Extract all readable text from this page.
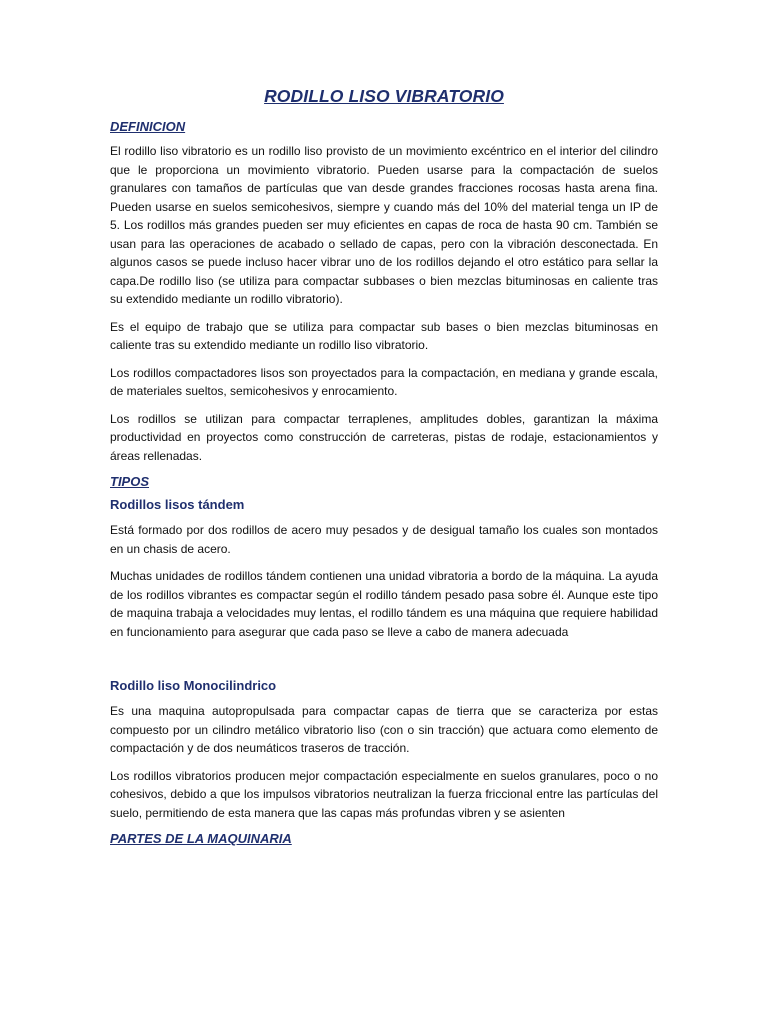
RODILLO LISO VIBRATORIO
DEFINICION

El rodillo liso vibratorio es un rodillo liso provisto de un movimiento excéntrico en el interior del cilindro que le proporciona un movimiento vibratorio. Pueden usarse para la compactación de suelos granulares con tamaños de partículas que van desde grandes fracciones rocosas hasta arena fina. Pueden usarse en suelos semicohesivos, siempre y cuando más del 10% del material tenga un IP de 5. Los rodillos más grandes pueden ser muy eficientes en capas de roca de hasta 90 cm. También se usan para las operaciones de acabado o sellado de capas, pero con la vibración desconectada. En algunos casos se puede incluso hacer vibrar uno de los rodillos dejando el otro estático para sellar la capa.De rodillo liso (se utiliza para compactar subbases o bien mezclas bituminosas en caliente tras su extendido mediante un rodillo vibratorio).

Es el equipo de trabajo que se utiliza para compactar sub bases o bien mezclas bituminosas en caliente tras su extendido mediante un rodillo liso vibratorio.

Los rodillos compactadores lisos son proyectados para la compactación, en mediana y grande escala, de materiales sueltos, semicohesivos y enrocamiento.

Los rodillos se utilizan para compactar terraplenes, amplitudes dobles, garantizan la máxima productividad en proyectos como construcción de carreteras, pistas de rodaje, estacionamientos y áreas rellenadas.

TIPOS
Rodillos lisos tándem

Está formado por dos rodillos de acero muy pesados y de desigual tamaño los cuales son montados en un chasis de acero.

Muchas unidades de rodillos tándem contienen una unidad vibratoria a bordo de la máquina. La ayuda de los rodillos vibrantes es compactar según el rodillo tándem pesado pasa sobre él. Aunque este tipo de maquina trabaja a velocidades muy lentas, el rodillo tándem es una máquina que requiere habilidad en funcionamiento para asegurar que cada paso se lleve a cabo de manera adecuada

Rodillo liso Monocilindrico

Es una maquina autopropulsada para compactar capas de tierra que se caracteriza por estas compuesto por un cilindro metálico vibratorio liso (con o sin tracción) que actuara como elemento de compactación y de dos neumáticos traseros de tracción.

Los rodillos vibratorios producen mejor compactación especialmente en suelos granulares, poco o no cohesivos, debido a que los impulsos vibratorios neutralizan la fuerza friccional entre las partículas del suelo, permitiendo de esta manera que las capas más profundas vibren y se asienten

PARTES DE LA MAQUINARIA
